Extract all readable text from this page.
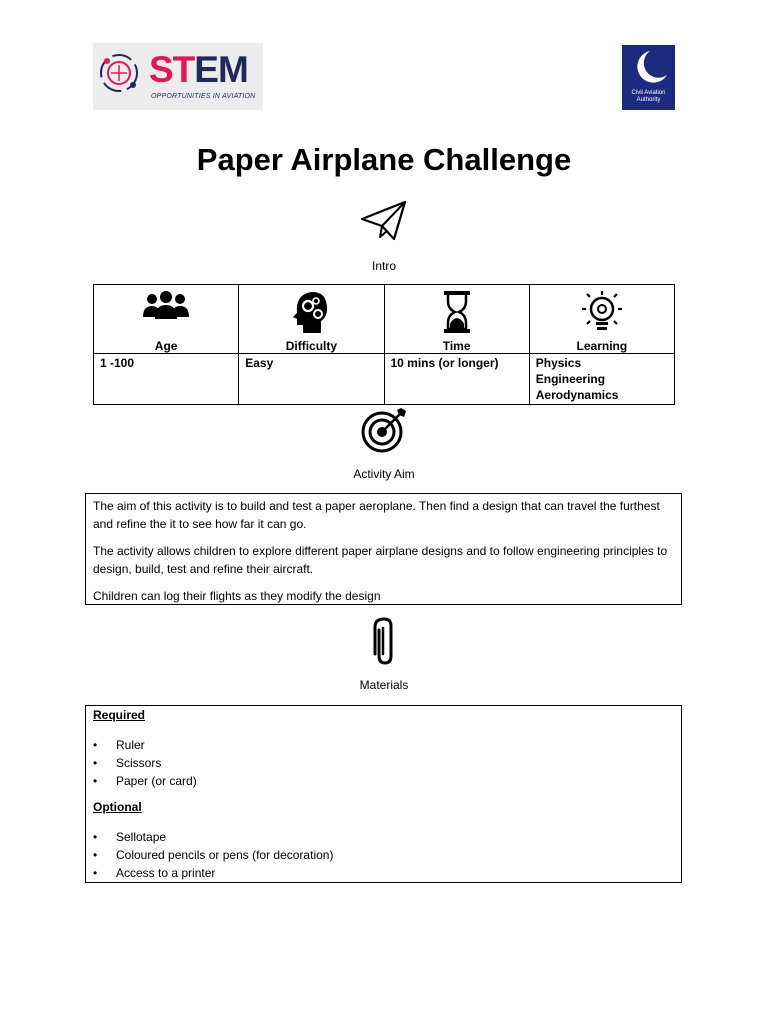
STEM
OPPORTUNITIES IN AVIATION	Civil Aviation Authority
Paper Airplane Challenge
Intro
Age	Difficulty	Time	Learning

1 -100	Easy	10 mins (or longer)	Physics
Engineering
Aerodynamics
Activity Aim

The aim of this activity is to build and test a paper aeroplane. Then find a design that can travel the furthest and refine the it to see how far it can go.

The activity allows children to explore different paper airplane designs and to follow engineering principles to design, build, test and refine their aircraft.

Children can log their flights as they modify the design

Materials
Required
• Ruler
• Scissors
• Paper (or card)
Optional
• Sellotape
• Coloured pencils or pens (for decoration)
• Access to a printer
